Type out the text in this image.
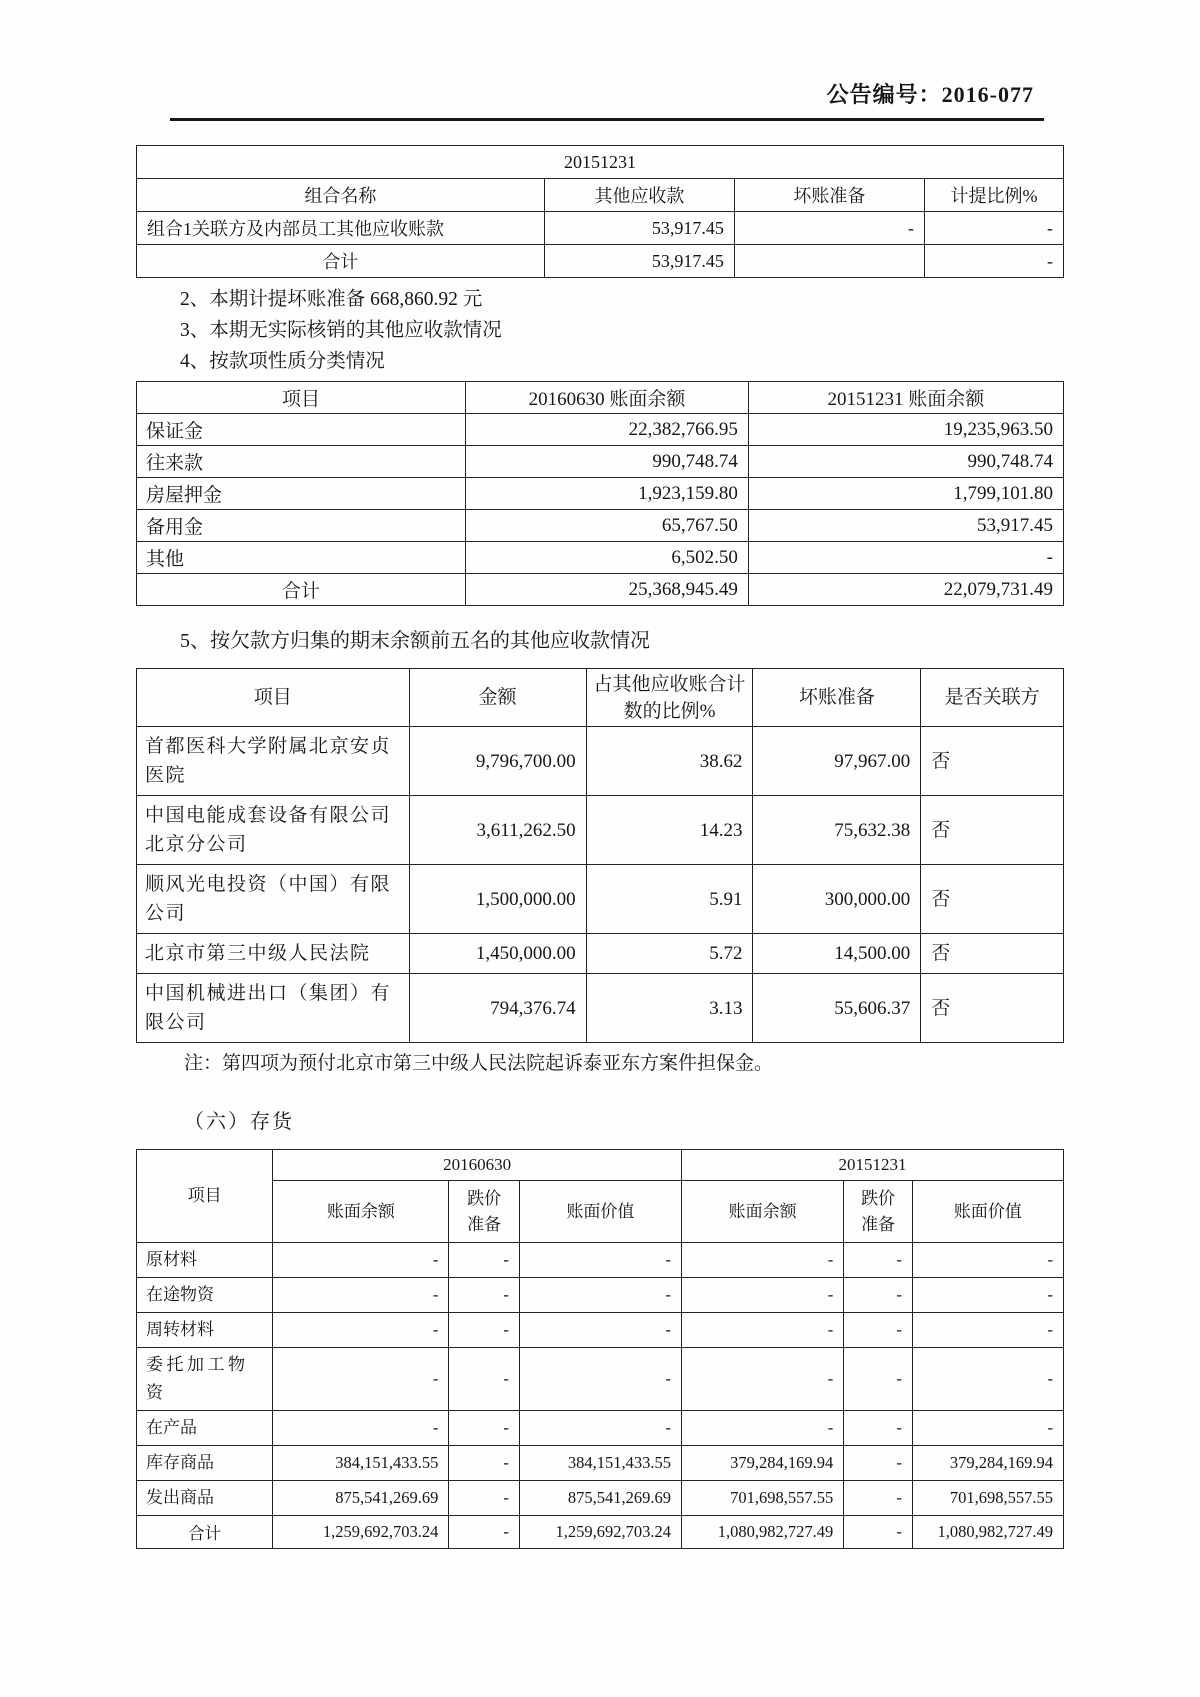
公告编号：2016-077
20151231			
组合名称	其他应收款	坏账准备	计提比例%
组合1关联方及内部员工其他应收账款	53,917.45	-	-
合计	53,917.45		-
2、本期计提坏账准备 668,860.92 元
3、本期无实际核销的其他应收款情况
4、按款项性质分类情况
项目	20160630 账面余额	20151231 账面余额
保证金	22,382,766.95	19,235,963.50
往来款	990,748.74	990,748.74
房屋押金	1,923,159.80	1,799,101.80
备用金	65,767.50	53,917.45
其他	6,502.50	-
合计	25,368,945.49	22,079,731.49
5、按欠款方归集的期末余额前五名的其他应收款情况
项目	金额	占其他应收账合计数的比例%	坏账准备	是否关联方
首都医科大学附属北京安贞医院	9,796,700.00	38.62	97,967.00	否
中国电能成套设备有限公司北京分公司	3,611,262.50	14.23	75,632.38	否
顺风光电投资（中国）有限公司	1,500,000.00	5.91	300,000.00	否
北京市第三中级人民法院	1,450,000.00	5.72	14,500.00	否
中国机械进出口（集团）有限公司	794,376.74	3.13	55,606.37	否
注：第四项为预付北京市第三中级人民法院起诉泰亚东方案件担保金。
（六）存货
项目	20160630			20151231		
	账面余额	跌价准备	账面价值	账面余额	跌价准备	账面价值
原材料	-	-	-	-	-	-
在途物资	-	-	-	-	-	-
周转材料	-	-	-	-	-	-
委托加工物资	-	-	-	-	-	-
在产品	-	-	-	-	-	-
库存商品	384,151,433.55	-	384,151,433.55	379,284,169.94	-	379,284,169.94
发出商品	875,541,269.69	-	875,541,269.69	701,698,557.55	-	701,698,557.55
合计	1,259,692,703.24	-	1,259,692,703.24	1,080,982,727.49	-	1,080,982,727.49
